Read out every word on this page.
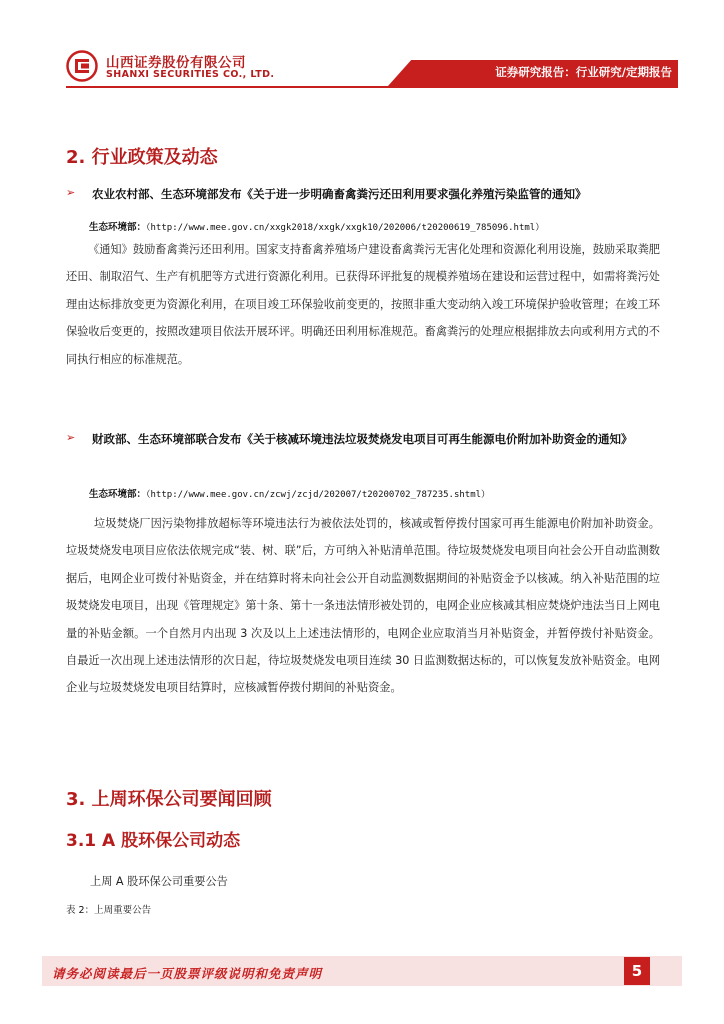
山西证券股份有限公司
SHANXI SECURITIES CO., LTD.	证券研究报告：行业研究/定期报告
2. 行业政策及动态
➢ 农业农村部、生态环境部发布《关于进一步明确畜禽粪污还田利用要求强化养殖污染监管的通知》
生态环境部：（http://www.mee.gov.cn/xxgk2018/xxgk/xxgk10/202006/t20200619_785096.html）
《通知》鼓励畜禽粪污还田利用。国家支持畜禽养殖场户建设畜禽粪污无害化处理和资源化利用设施，鼓励采取粪肥还田、制取沼气、生产有机肥等方式进行资源化利用。已获得环评批复的规模养殖场在建设和运营过程中，如需将粪污处理由达标排放变更为资源化利用，在项目竣工环保验收前变更的，按照非重大变动纳入竣工环境保护验收管理；在竣工环保验收后变更的，按照改建项目依法开展环评。明确还田利用标准规范。畜禽粪污的处理应根据排放去向或利用方式的不同执行相应的标准规范。
➢ 财政部、生态环境部联合发布《关于核减环境违法垃圾焚烧发电项目可再生能源电价附加补助资金的通知》
生态环境部：（http://www.mee.gov.cn/zcwj/zcjd/202007/t20200702_787235.shtml）
垃圾焚烧厂因污染物排放超标等环境违法行为被依法处罚的，核减或暂停拨付国家可再生能源电价附加补助资金。垃圾焚烧发电项目应依法依规完成“装、树、联”后，方可纳入补贴清单范围。待垃圾焚烧发电项目向社会公开自动监测数据后，电网企业可拨付补贴资金，并在结算时将未向社会公开自动监测数据期间的补贴资金予以核减。纳入补贴范围的垃圾焚烧发电项目，出现《管理规定》第十条、第十一条违法情形被处罚的，电网企业应核减其相应焚烧炉违法当日上网电量的补贴金额。一个自然月内出现 3 次及以上上述违法情形的，电网企业应取消当月补贴资金，并暂停拨付补贴资金。自最近一次出现上述违法情形的次日起，待垃圾焚烧发电项目连续 30 日监测数据达标的，可以恢复发放补贴资金。电网企业与垃圾焚烧发电项目结算时，应核减暂停拨付期间的补贴资金。
3. 上周环保公司要闻回顾
3.1 A 股环保公司动态
上周 A 股环保公司重要公告
表 2：上周重要公告
请务必阅读最后一页股票评级说明和免责声明	5
